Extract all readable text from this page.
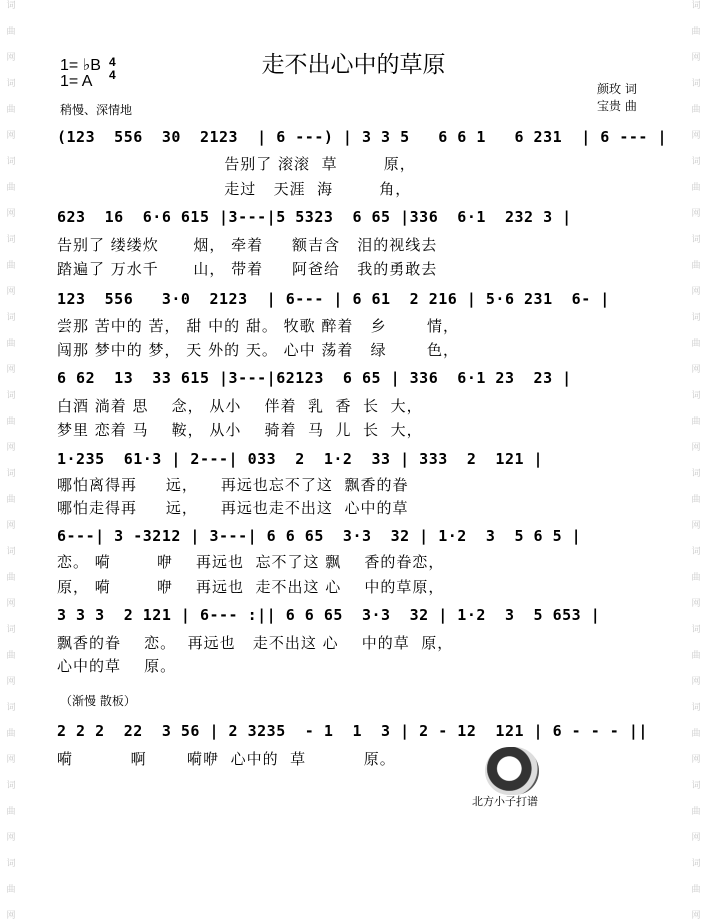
词
曲
网
词
曲
网
词
曲
网
词
曲
网
词
曲
网
词
曲
网
词
曲
网
词
曲
网
词
曲
网
词
曲
网
词
曲
网
词
曲
网
词
曲
网
词
曲
网
词
曲
网
词
曲
网
词
曲
网
词
曲
网
词
曲
网
词
曲
网
词
曲
网
词
曲
网
词
曲
网
词
曲
网
1= ♭B
1= A
4
4	走不出心中的草原
颜玫 词
宝贵 曲
稍慢、深情地
(123  556  30  2123  | 6 ---) | 3 3 5   6 6 1   6 231  | 6 --- |
告别了 滚滚  草        原，
走过   天涯  海        角，
623  16  6·6 615 |3---|5 5323  6 65 |336  6·1  232 3 |
告别了 缕缕炊      烟， 牵着     额吉含   泪的视线去
踏遍了 万水千      山， 带着     阿爸给   我的勇敢去
123  556   3·0  2123  | 6--- | 6 61  2 216 | 5·6 231  6- |
尝那 苦中的 苦， 甜 中的 甜。 牧歌 醉着   乡       情，
闯那 梦中的 梦， 天 外的 天。 心中 荡着   绿       色，
6 62  13  33 615 |3---|62123  6 65 | 336  6·1 23  23 |
白酒 淌着 思    念， 从小    伴着  乳  香  长  大，
梦里 恋着 马    鞍， 从小    骑着  马  儿  长  大，
1·235  61·3 | 2---| 033  2  1·2  33 | 333  2  121 |
哪怕离得再     远，    再远也忘不了这  飘香的眷
哪怕走得再     远，    再远也走不出这  心中的草
6---| 3 -3212 | 3---| 6 6 65  3·3  32 | 1·2  3  5 6 5 |
恋。 嗬        咿    再远也  忘不了这 飘    香的眷恋，
原， 嗬        咿    再远也  走不出这 心    中的草原，
3 3 3  2 121 | 6--- :|| 6 6 65  3·3  32 | 1·2  3  5 653 |
飘香的眷    恋。  再远也   走不出这 心    中的草  原，
心中的草    原。
（渐慢 散板）
2 2 2  22  3 56 | 2 3235  - 1  1  3 | 2 - 12  121 | 6 - - - ||
嗬          啊       嗬咿  心中的  草          原。
北方小子打谱
